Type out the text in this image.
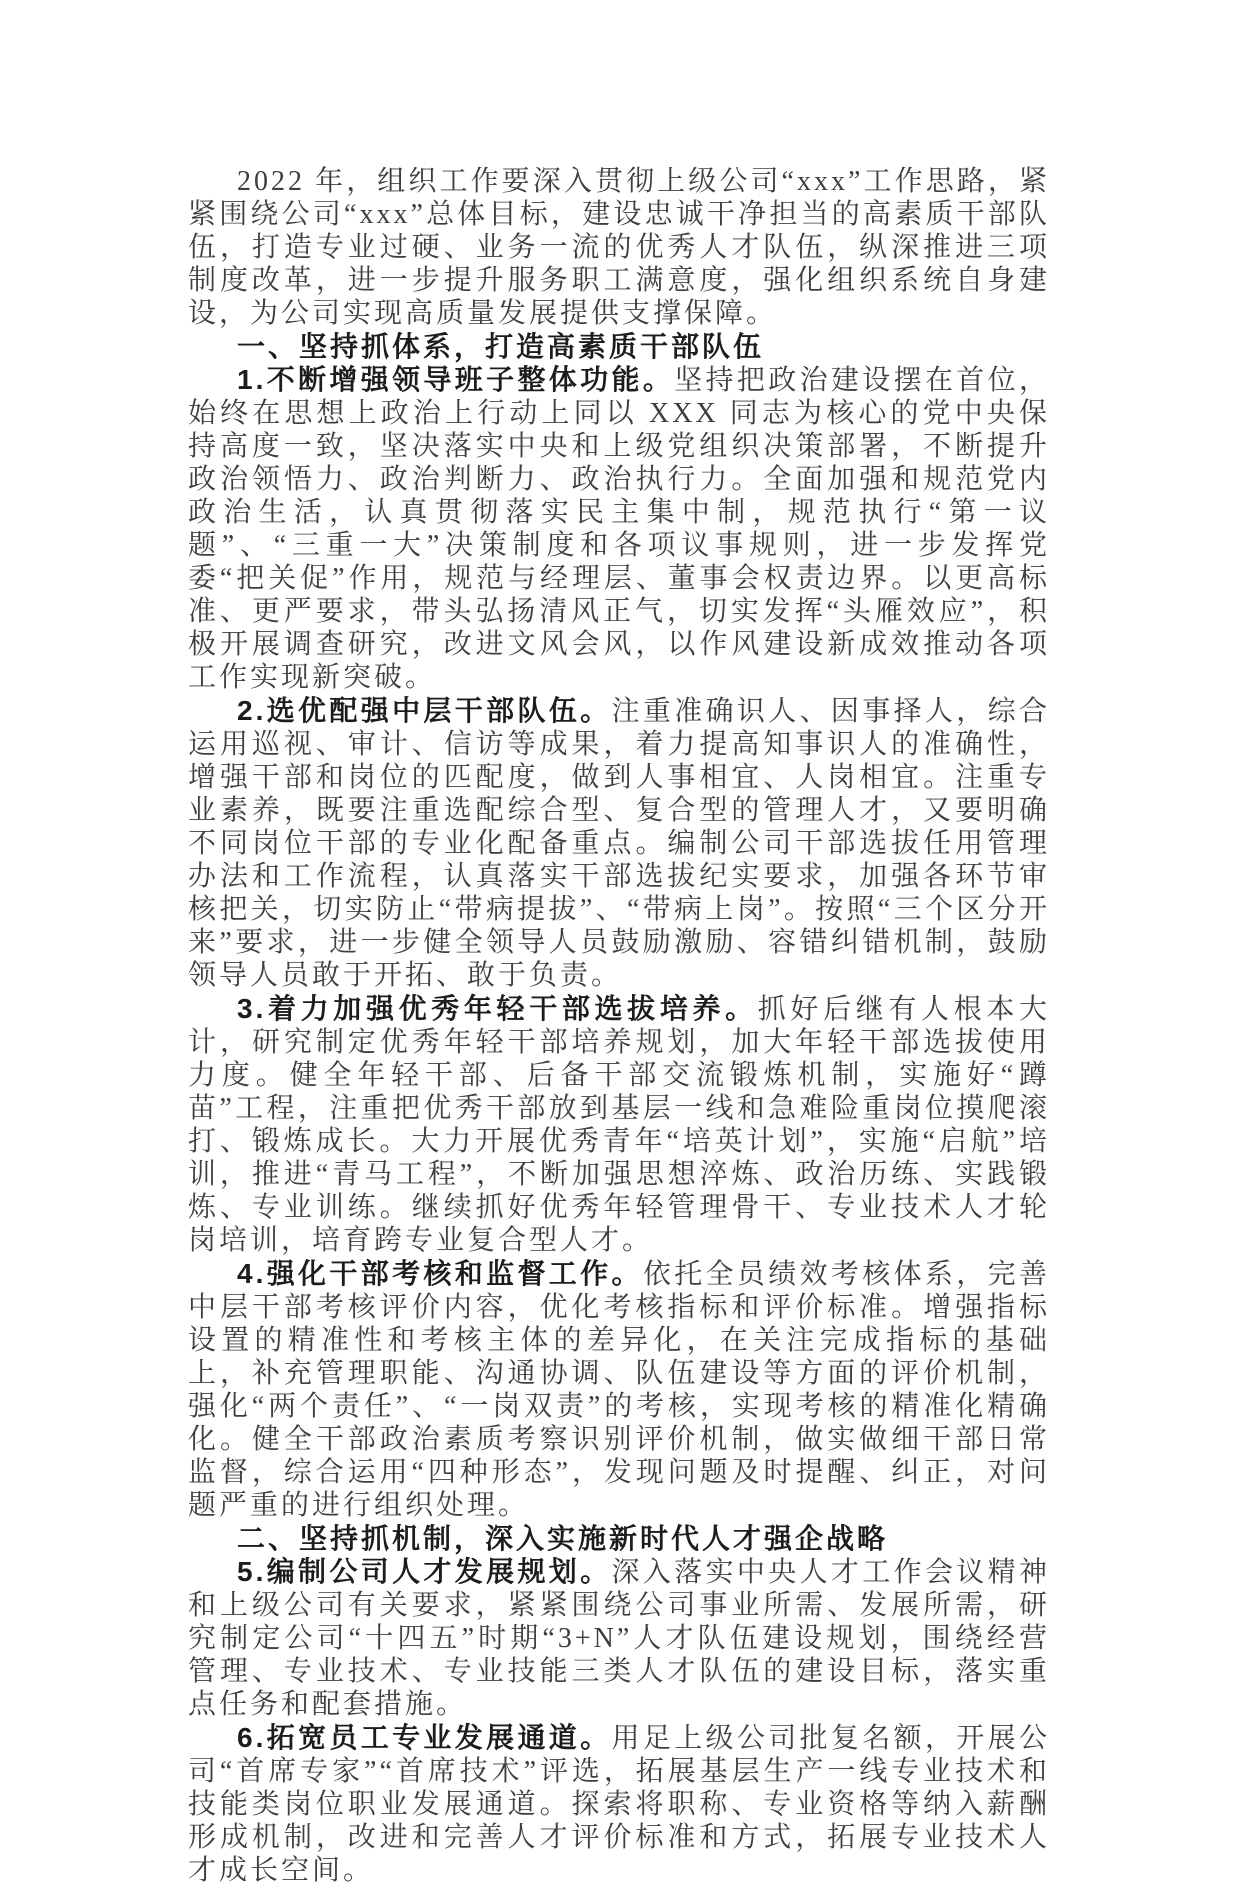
2022 年，组织工作要深入贯彻上级公司“xxx”工作思路，紧紧围绕公司“xxx”总体目标，建设忠诚干净担当的高素质干部队伍，打造专业过硬、业务一流的优秀人才队伍，纵深推进三项制度改革，进一步提升服务职工满意度，强化组织系统自身建设，为公司实现高质量发展提供支撑保障。

一、坚持抓体系，打造高素质干部队伍

1.不断增强领导班子整体功能。坚持把政治建设摆在首位，始终在思想上政治上行动上同以 XXX 同志为核心的党中央保持高度一致，坚决落实中央和上级党组织决策部署，不断提升政治领悟力、政治判断力、政治执行力。全面加强和规范党内政治生活，认真贯彻落实民主集中制，规范执行“第一议题”、“三重一大”决策制度和各项议事规则，进一步发挥党委“把关促”作用，规范与经理层、董事会权责边界。以更高标准、更严要求，带头弘扬清风正气，切实发挥“头雁效应”，积极开展调查研究，改进文风会风，以作风建设新成效推动各项工作实现新突破。

2.选优配强中层干部队伍。注重准确识人、因事择人，综合运用巡视、审计、信访等成果，着力提高知事识人的准确性，增强干部和岗位的匹配度，做到人事相宜、人岗相宜。注重专业素养，既要注重选配综合型、复合型的管理人才，又要明确不同岗位干部的专业化配备重点。编制公司干部选拔任用管理办法和工作流程，认真落实干部选拔纪实要求，加强各环节审核把关，切实防止“带病提拔”、“带病上岗”。按照“三个区分开来”要求，进一步健全领导人员鼓励激励、容错纠错机制，鼓励领导人员敢于开拓、敢于负责。

3.着力加强优秀年轻干部选拔培养。抓好后继有人根本大计，研究制定优秀年轻干部培养规划，加大年轻干部选拔使用力度。健全年轻干部、后备干部交流锻炼机制，实施好“蹲苗”工程，注重把优秀干部放到基层一线和急难险重岗位摸爬滚打、锻炼成长。大力开展优秀青年“培英计划”，实施“启航”培训，推进“青马工程”，不断加强思想淬炼、政治历练、实践锻炼、专业训练。继续抓好优秀年轻管理骨干、专业技术人才轮岗培训，培育跨专业复合型人才。

4.强化干部考核和监督工作。依托全员绩效考核体系，完善中层干部考核评价内容，优化考核指标和评价标准。增强指标设置的精准性和考核主体的差异化，在关注完成指标的基础上，补充管理职能、沟通协调、队伍建设等方面的评价机制，强化“两个责任”、“一岗双责”的考核，实现考核的精准化精确化。健全干部政治素质考察识别评价机制，做实做细干部日常监督，综合运用“四种形态”，发现问题及时提醒、纠正，对问题严重的进行组织处理。

二、坚持抓机制，深入实施新时代人才强企战略

5.编制公司人才发展规划。深入落实中央人才工作会议精神和上级公司有关要求，紧紧围绕公司事业所需、发展所需，研究制定公司“十四五”时期“3+N”人才队伍建设规划，围绕经营管理、专业技术、专业技能三类人才队伍的建设目标，落实重点任务和配套措施。

6.拓宽员工专业发展通道。用足上级公司批复名额，开展公司“首席专家”“首席技术”评选，拓展基层生产一线专业技术和技能类岗位职业发展通道。探索将职称、专业资格等纳入薪酬形成机制，改进和完善人才评价标准和方式，拓展专业技术人才成长空间。
